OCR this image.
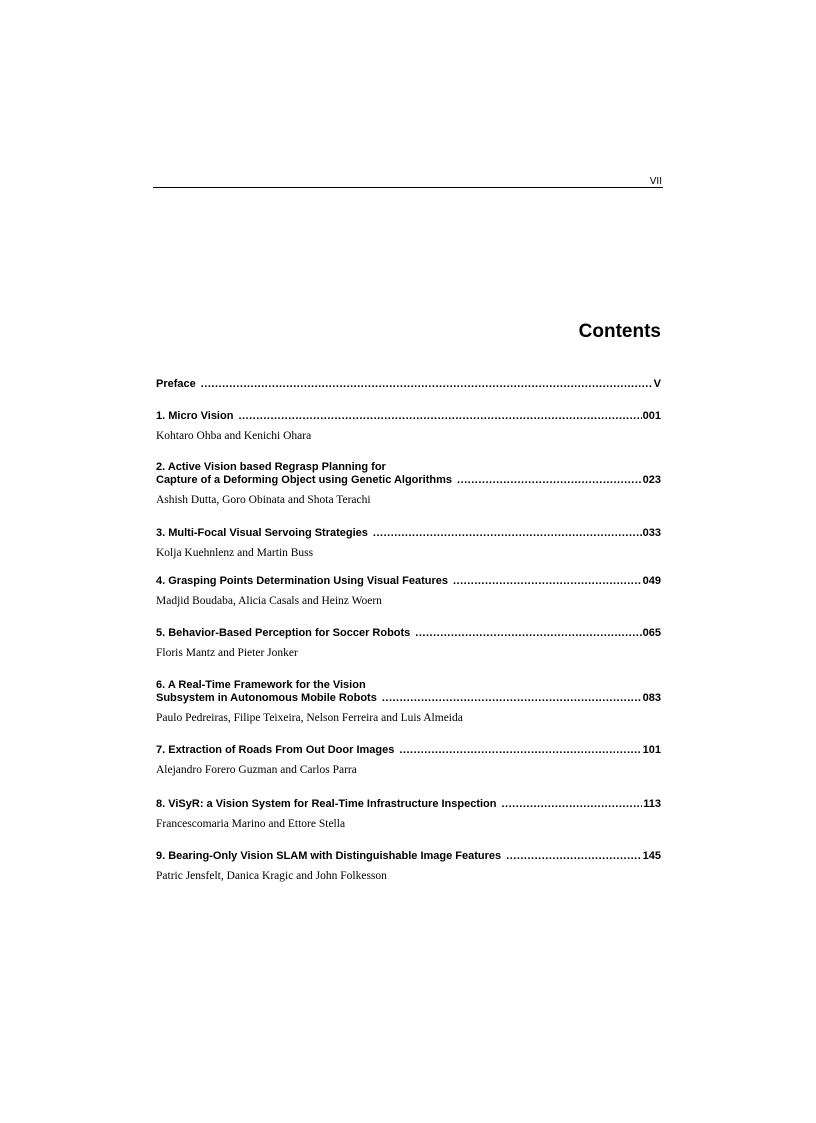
VII
Contents
Preface .....	V
1. Micro Vision .....	001
Kohtaro Ohba and Kenichi Ohara
2. Active Vision based Regrasp Planning for
Capture of a Deforming Object using Genetic Algorithms .....	023
Ashish Dutta, Goro Obinata and Shota Terachi
3. Multi-Focal Visual Servoing Strategies .....	033
Kolja Kuehnlenz and Martin Buss
4. Grasping Points Determination Using Visual Features .....	049
Madjid Boudaba, Alicia Casals and Heinz Woern
5. Behavior-Based Perception for Soccer Robots .....	065
Floris Mantz and Pieter Jonker
6. A Real-Time Framework for the Vision
Subsystem in Autonomous Mobile Robots .....	083
Paulo Pedreiras, Filipe Teixeira, Nelson Ferreira and Luis Almeida
7. Extraction of Roads From Out Door Images .....	101
Alejandro Forero Guzman and Carlos Parra
8. ViSyR: a Vision System for Real-Time Infrastructure Inspection .....	113
Francescomaria Marino and Ettore Stella
9. Bearing-Only Vision SLAM with Distinguishable Image Features .....	145
Patric Jensfelt, Danica Kragic and John Folkesson
